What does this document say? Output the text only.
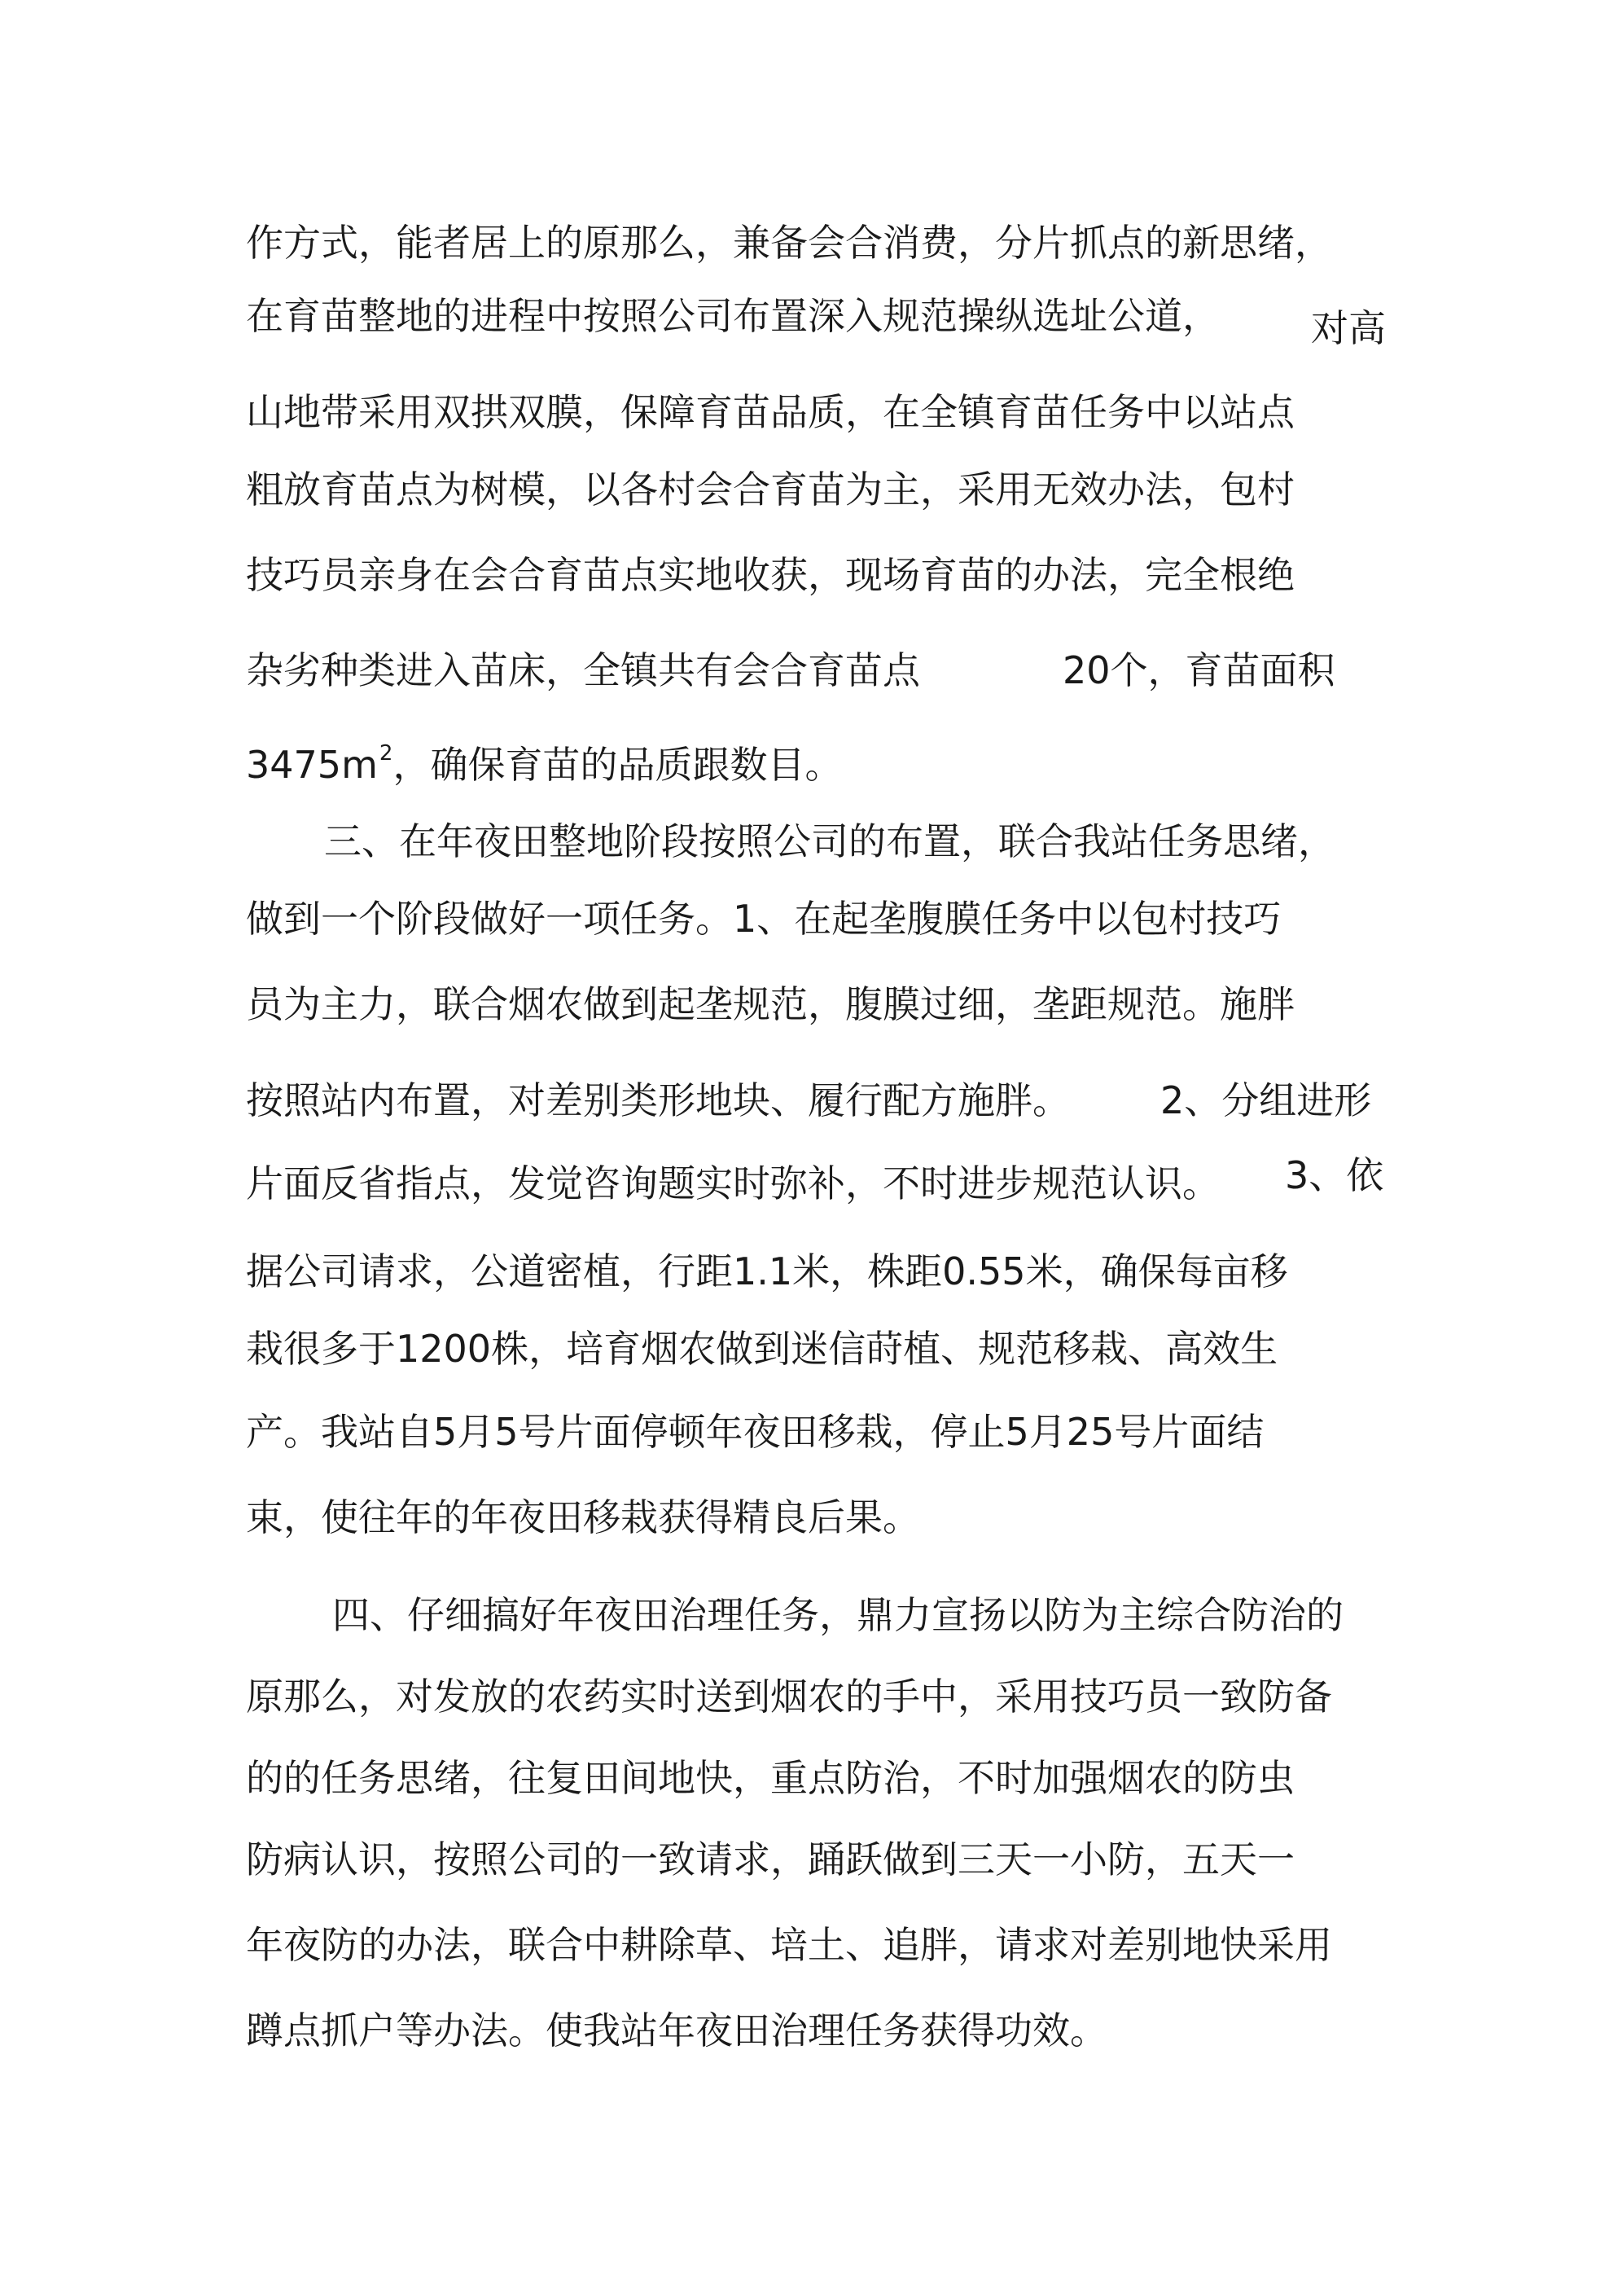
作方式，能者居上的原那么，兼备会合消费，分片抓点的新思绪，

在育苗整地的进程中按照公司布置深入规范操纵选址公道， 对高

山地带采用双拱双膜，保障育苗品质，在全镇育苗任务中以站点

粗放育苗点为树模，以各村会合育苗为主，采用无效办法，包村

技巧员亲身在会合育苗点实地收获，现场育苗的办法，完全根绝

杂劣种类进入苗床，全镇共有会合育苗点	20个，育苗面积

$3475m^2$，确保育苗的品质跟数目。

三、在年夜田整地阶段按照公司的布置，联合我站任务思绪，

做到一个阶段做好一项任务。1、在起垄腹膜任务中以包村技巧

员为主力，联合烟农做到起垄规范，腹膜过细，垄距规范。施胖

按照站内布置，对差别类形地块、履行配方施胖。 2、分组进形

片面反省指点，发觉咨询题实时弥补，不时进步规范认识。 3、依

据公司请求，公道密植，行距1.1米，株距0.55米，确保每亩移

栽很多于1200株，培育烟农做到迷信莳植、规范移栽、高效生

产。我站自5月5号片面停顿年夜田移栽，停止5月25号片面结

束，使往年的年夜田移栽获得精良后果。

四、仔细搞好年夜田治理任务，鼎力宣扬以防为主综合防治的

原那么，对发放的农药实时送到烟农的手中，采用技巧员一致防备

的的任务思绪，往复田间地快，重点防治，不时加强烟农的防虫

防病认识，按照公司的一致请求，踊跃做到三天一小防，五天一

年夜防的办法，联合中耕除草、培土、追胖，请求对差别地快采用

蹲点抓户等办法。使我站年夜田治理任务获得功效。
